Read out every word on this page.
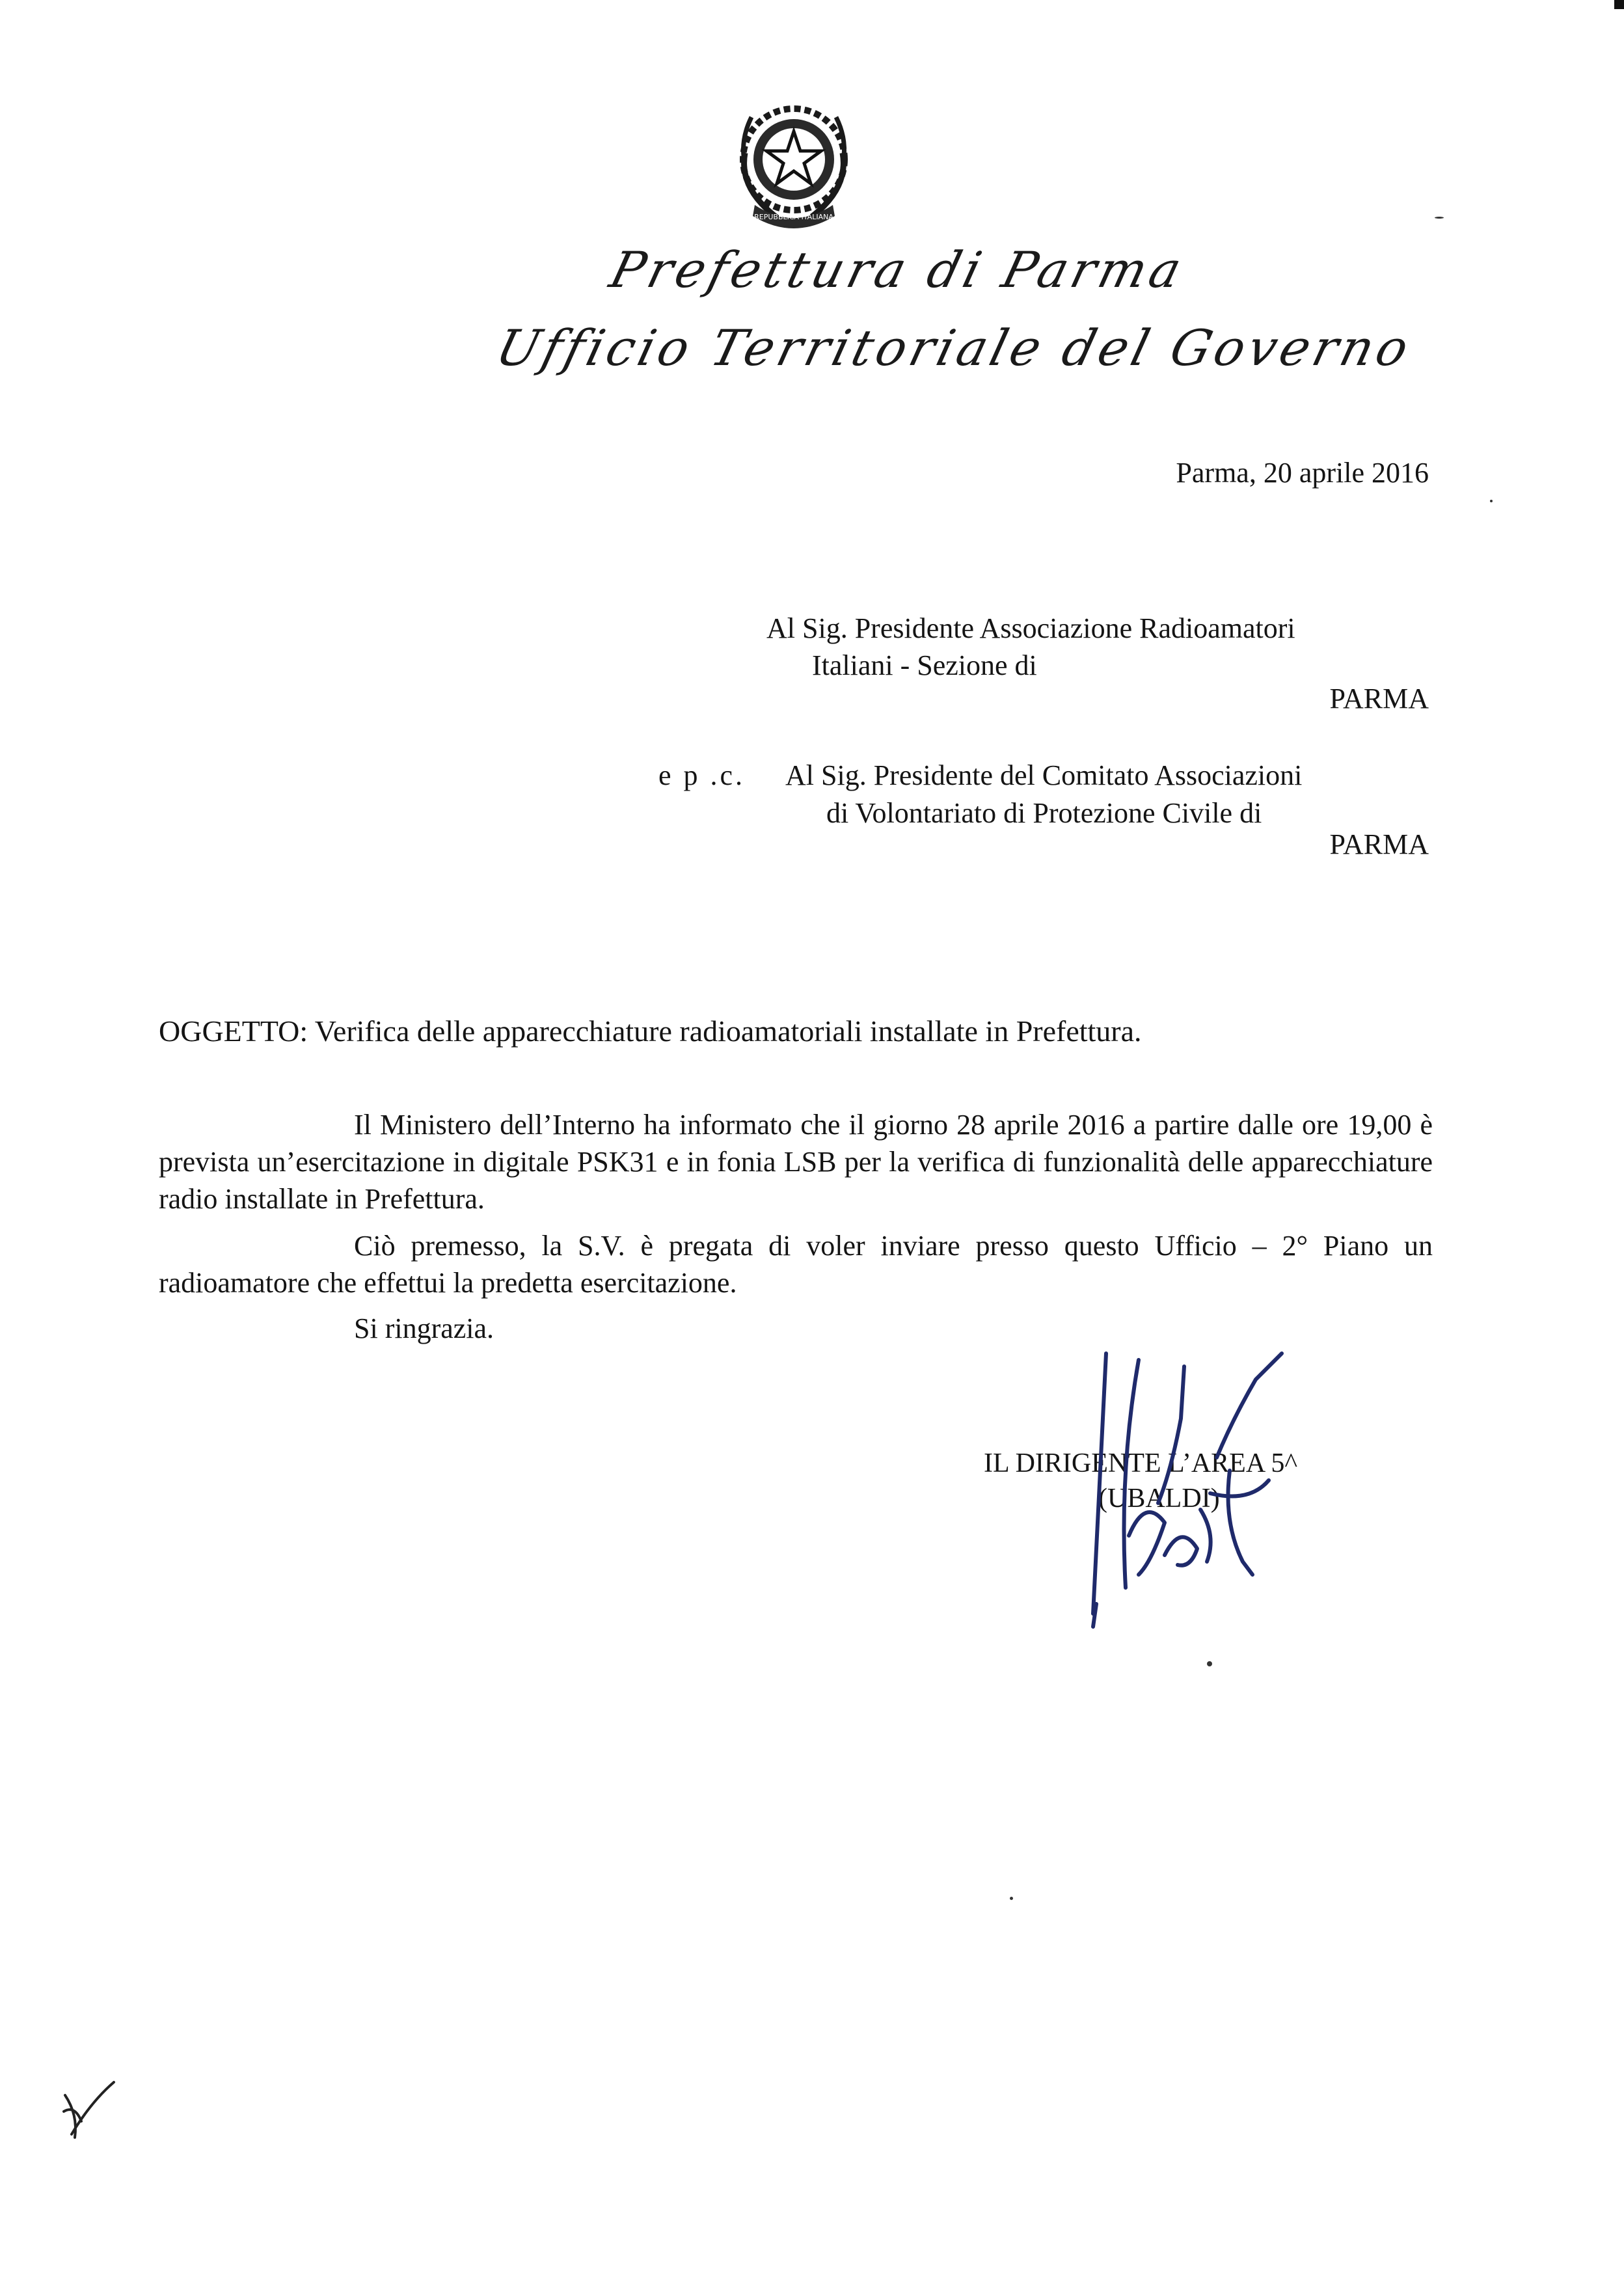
REPUBBLICA ITALIANA
Prefettura di Parma
Ufficio Territoriale del Governo
Parma, 20 aprile 2016
Al Sig. Presidente Associazione Radioamatori
Italiani - Sezione di
PARMA
e p .c. Al Sig. Presidente del Comitato Associazioni
di Volontariato di Protezione Civile di
PARMA
OGGETTO: Verifica delle apparecchiature radioamatoriali installate in Prefettura.

Il Ministero dell’Interno ha informato che il giorno 28 aprile 2016 a partire dalle ore 19,00 è prevista un’esercitazione in digitale PSK31 e in fonia LSB per la verifica di funzionalità delle apparecchiature radio installate in Prefettura.

Ciò premesso, la S.V. è pregata di voler inviare presso questo Ufficio – 2° Piano un radioamatore che effettui la predetta esercitazione.

Si ringrazia.

IL DIRIGENTE L’AREA 5^
(UBALDI)
